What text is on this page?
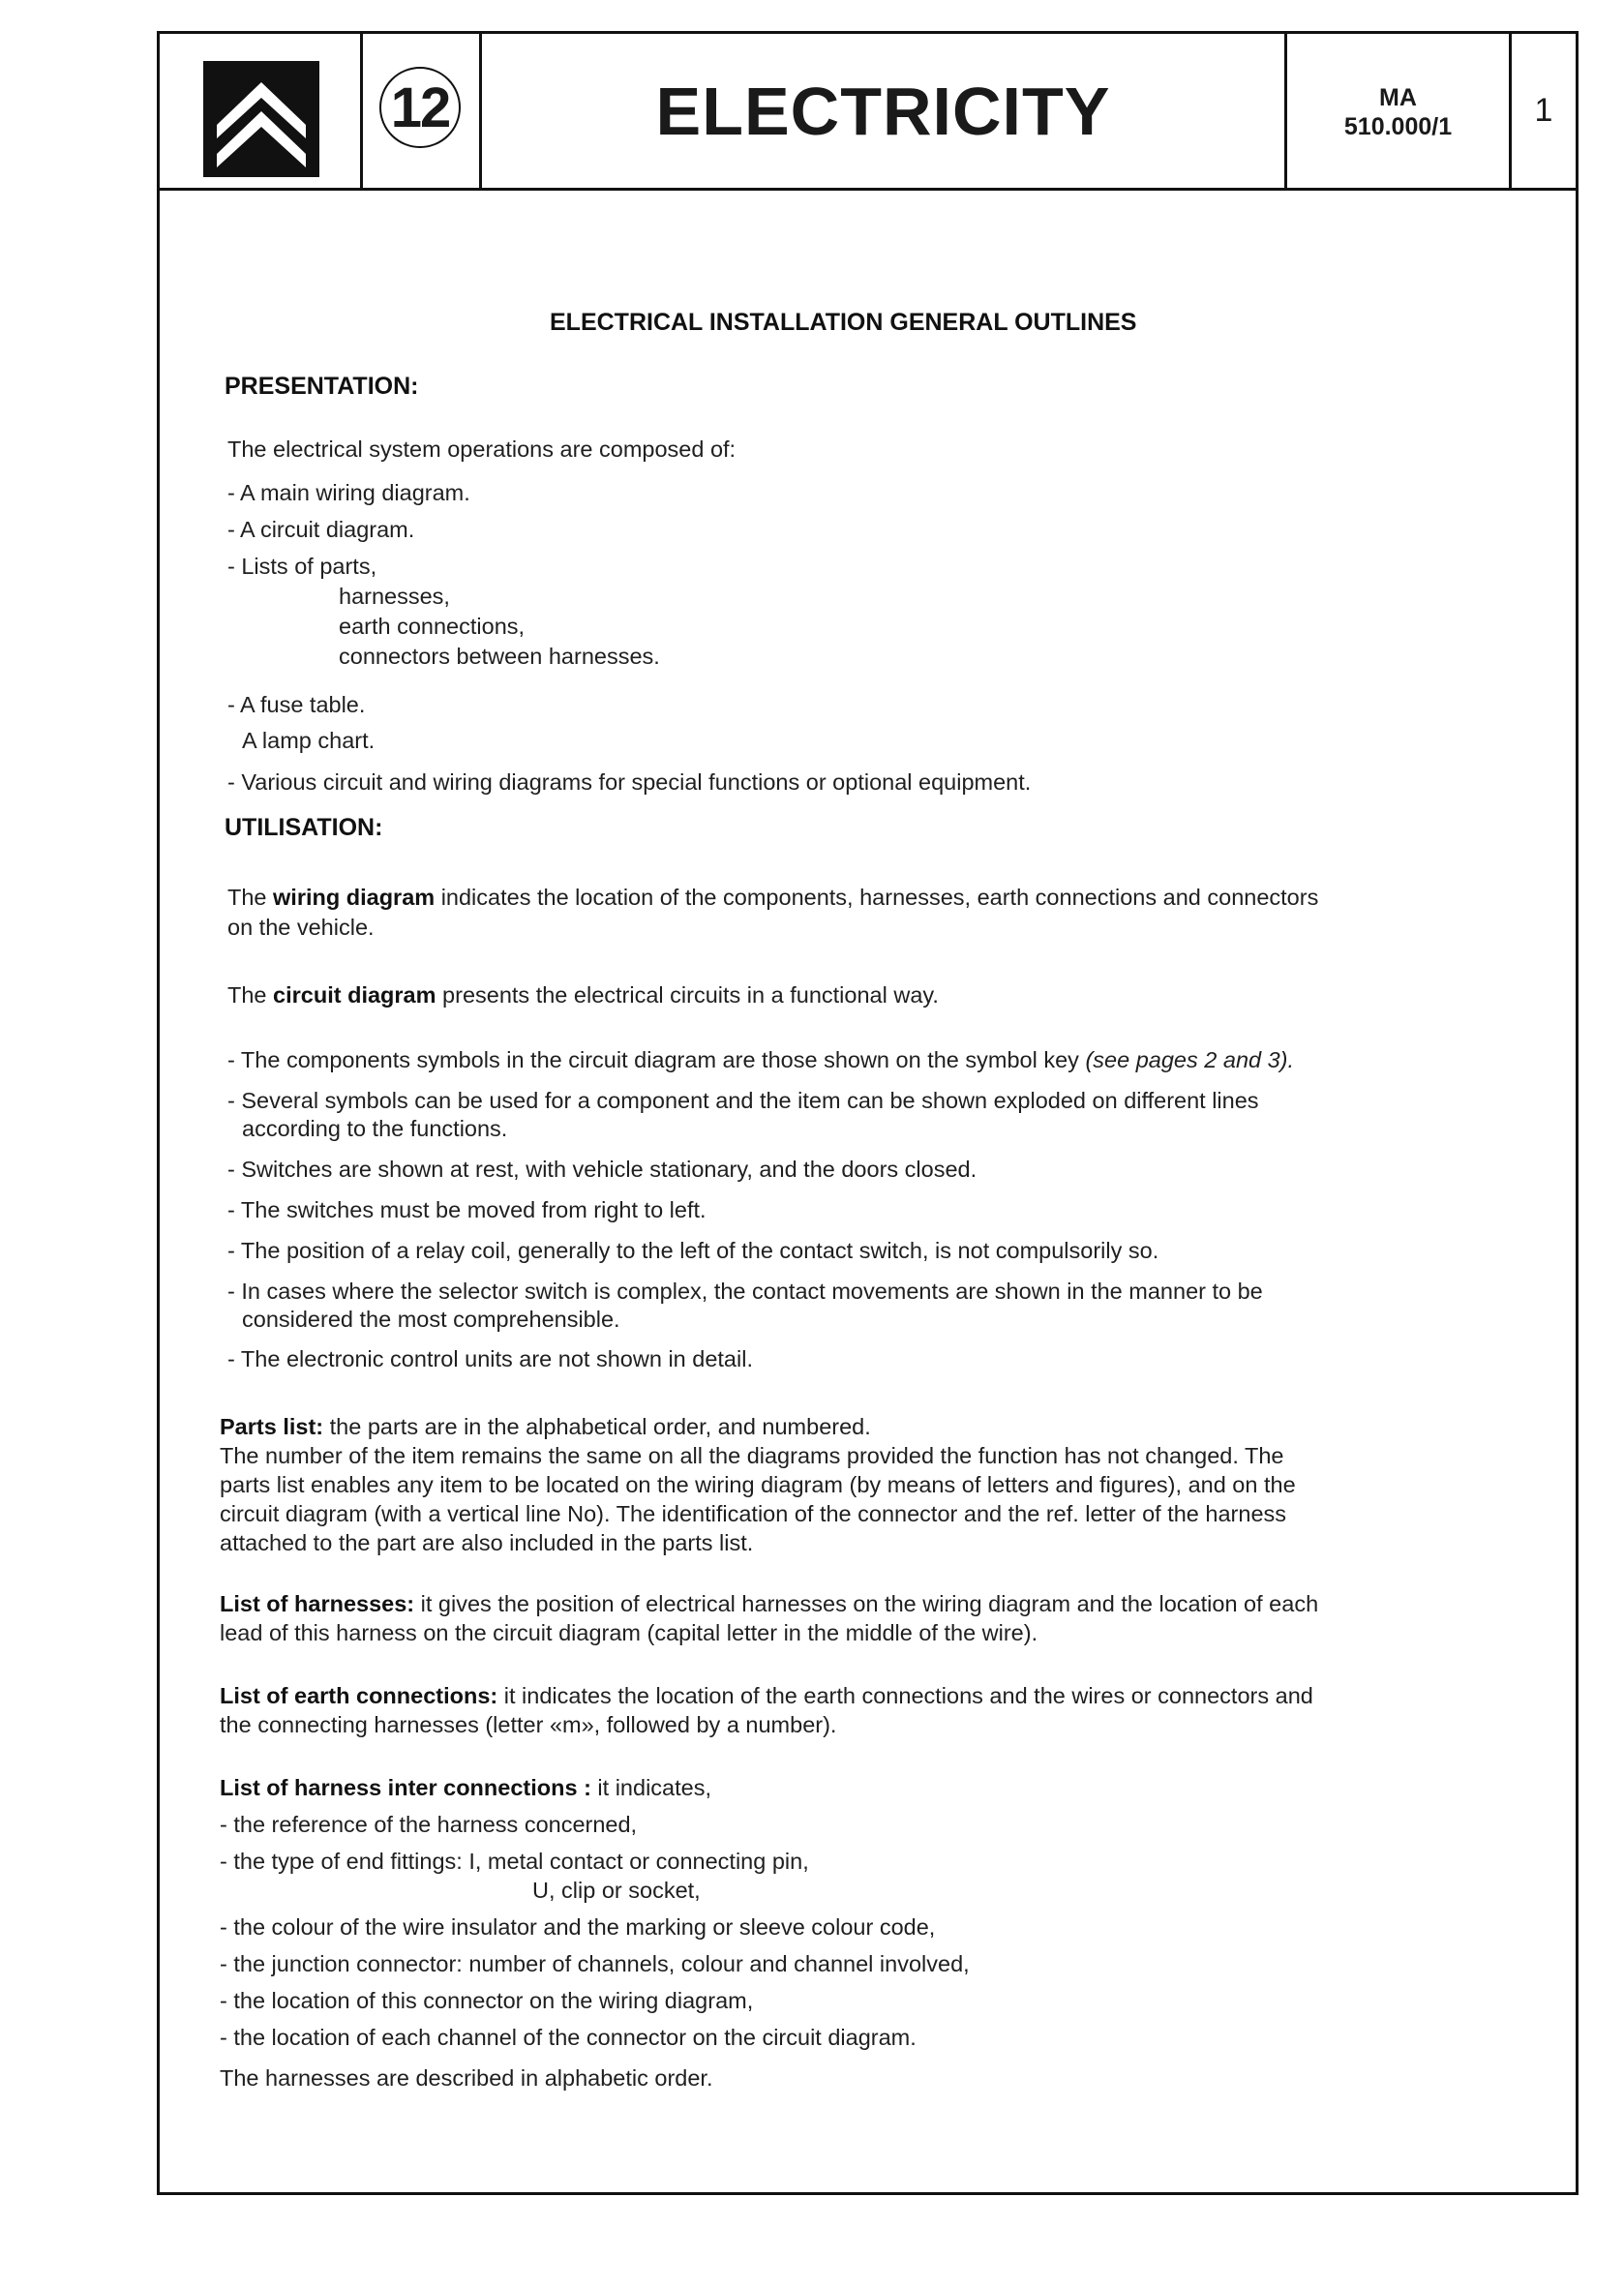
12	ELECTRICITY	MA
510.000/1	1
ELECTRICAL INSTALLATION GENERAL OUTLINES
PRESENTATION:
The electrical system operations are composed of:
- A main wiring diagram.
- A circuit diagram.
- Lists of parts,
harnesses,
earth connections,
connectors between harnesses.
- A fuse table.
A lamp chart.
- Various circuit and wiring diagrams for special functions or optional equipment.
UTILISATION:
The wiring diagram indicates the location of the components, harnesses, earth connections and connectors
on the vehicle.
The circuit diagram presents the electrical circuits in a functional way.
- The components symbols in the circuit diagram are those shown on the symbol key (see pages 2 and 3).
- Several symbols can be used for a component and the item can be shown exploded on different lines
according to the functions.
- Switches are shown at rest, with vehicle stationary, and the doors closed.
- The switches must be moved from right to left.
- The position of a relay coil, generally to the left of the contact switch, is not compulsorily so.
- In cases where the selector switch is complex, the contact movements are shown in the manner to be
considered the most comprehensible.
- The electronic control units are not shown in detail.
Parts list: the parts are in the alphabetical order, and numbered.
The number of the item remains the same on all the diagrams provided the function has not changed. The
parts list enables any item to be located on the wiring diagram (by means of letters and figures), and on the
circuit diagram (with a vertical line No). The identification of the connector and the ref. letter of the harness
attached to the part are also included in the parts list.
List of harnesses: it gives the position of electrical harnesses on the wiring diagram and the location of each
lead of this harness on the circuit diagram (capital letter in the middle of the wire).
List of earth connections: it indicates the location of the earth connections and the wires or connectors and
the connecting harnesses (letter «m», followed by a number).
List of harness inter connections : it indicates,
- the reference of the harness concerned,
- the type of end fittings: I, metal contact or connecting pin,
U, clip or socket,
- the colour of the wire insulator and the marking or sleeve colour code,
- the junction connector: number of channels, colour and channel involved,
- the location of this connector on the wiring diagram,
- the location of each channel of the connector on the circuit diagram.
The harnesses are described in alphabetic order.
